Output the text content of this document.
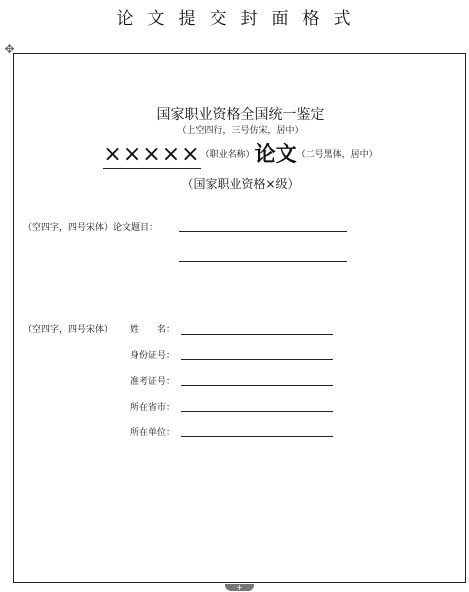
论文提交封面格式
✥
国家职业资格全国统一鉴定
（上空四行，三号仿宋，居中）
×××××$^{(职业名称)}$论文$^{(二号黑体,居中)}$
（国家职业资格×级）
（空四字，四号宋体）论文题目：
（空四字，四号宋体） 姓　　名：
身份证号：
准考证号：
所在省市：
所在单位：
+
